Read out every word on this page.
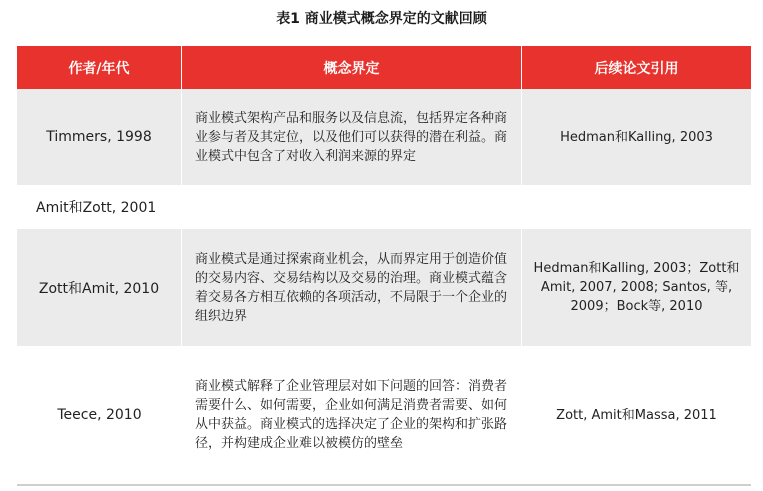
表1 商业模式概念界定的文献回顾
作者/年代	概念界定	后续论文引用
Timmers, 1998
商业模式架构产品和服务以及信息流，包括界定各种商业参与者及其定位，以及他们可以获得的潜在利益。商业模式中包含了对收入利润来源的界定
Hedman和Kalling, 2003
Amit和Zott, 2001
Zott和Amit, 2010
商业模式是通过探索商业机会，从而界定用于创造价值的交易内容、交易结构以及交易的治理。商业模式蕴含着交易各方相互依赖的各项活动，不局限于一个企业的组织边界
Hedman和Kalling, 2003；Zott和Amit, 2007, 2008; Santos, 等, 2009；Bock等, 2010
Teece, 2010
商业模式解释了企业管理层对如下问题的回答：消费者需要什么、如何需要，企业如何满足消费者需要、如何从中获益。商业模式的选择决定了企业的架构和扩张路径，并构建成企业难以被模仿的壁垒
Zott, Amit和Massa, 2011
